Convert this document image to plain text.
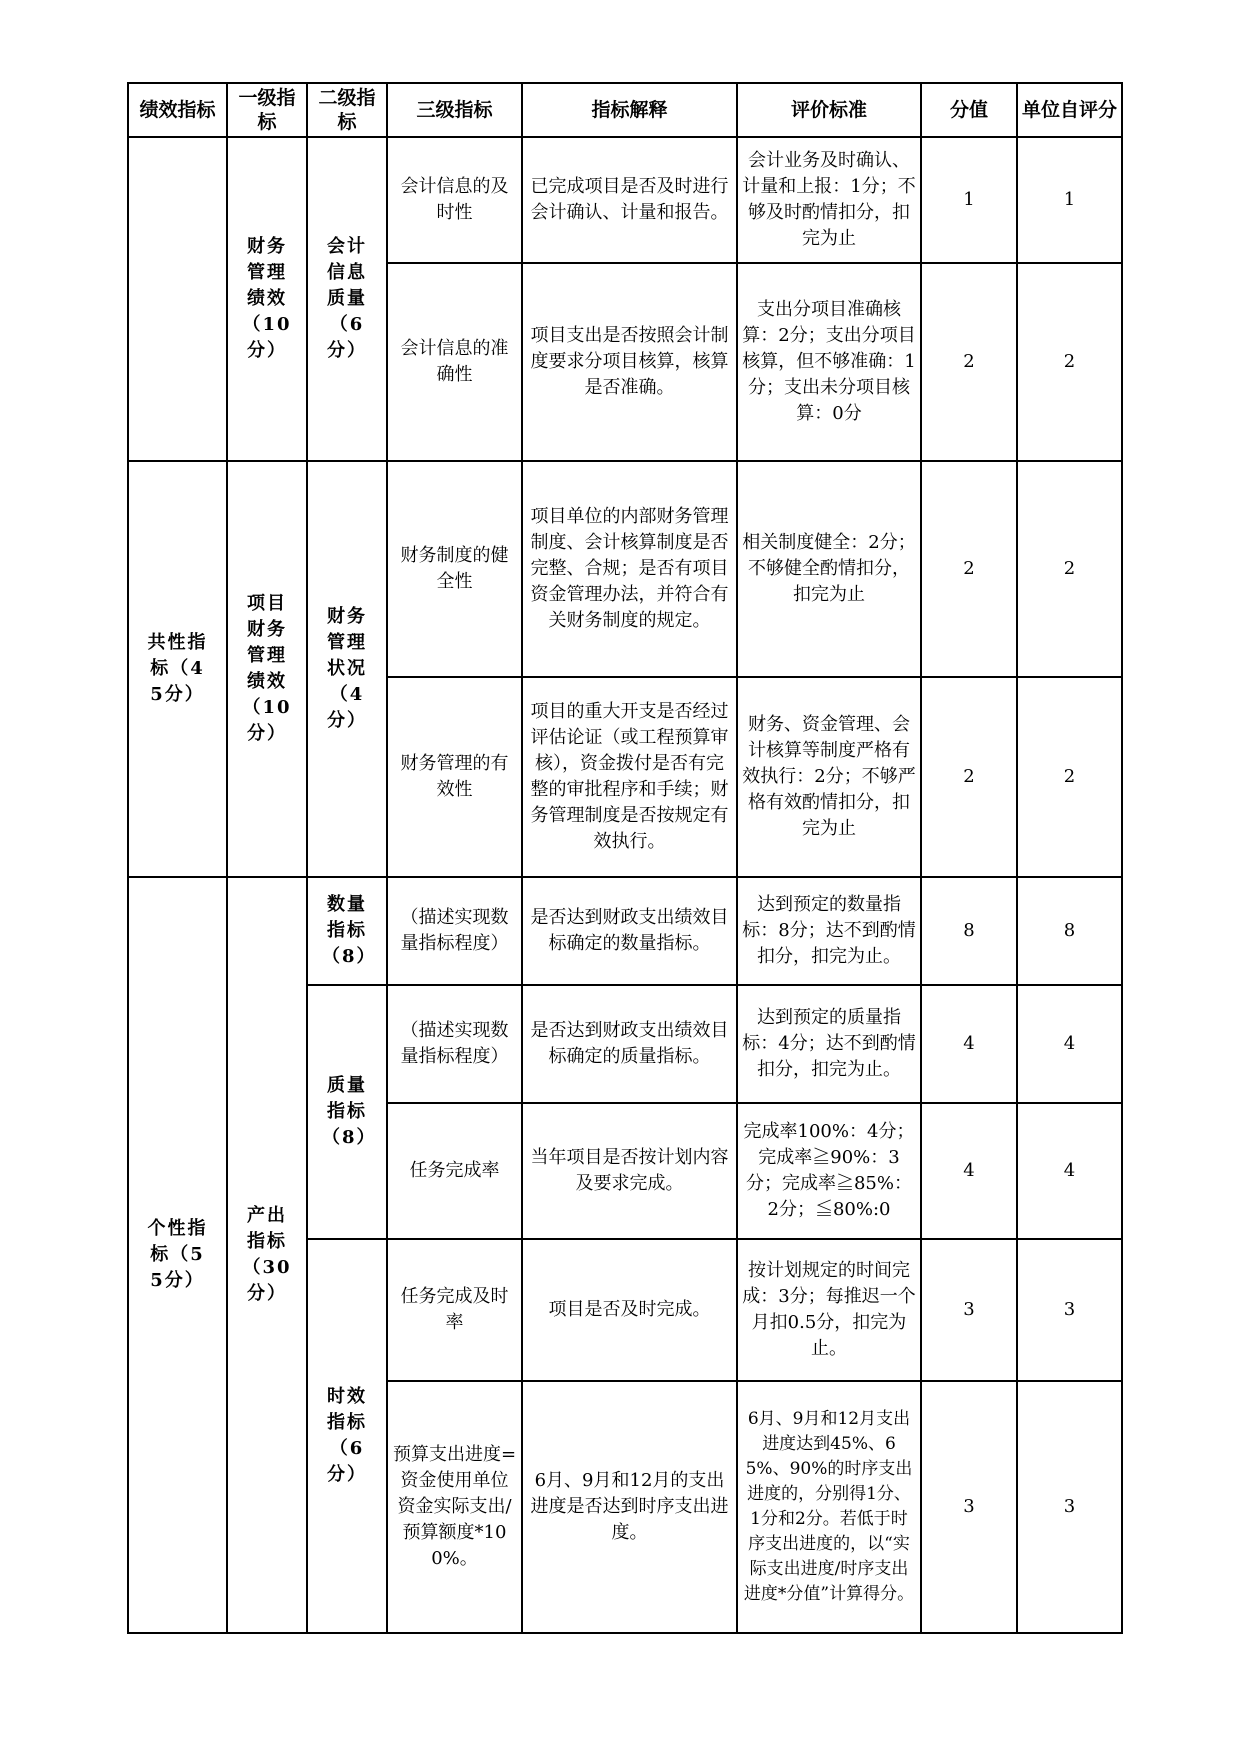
绩效指标	一级指标	二级指标	三级指标	指标解释	评价标准	分值	单位自评分
	财务管理绩效（10分）	会计信息质量（6分）	会计信息的及时性	已完成项目是否及时进行会计确认、计量和报告。	会计业务及时确认、计量和上报：1分；不够及时酌情扣分，扣完为止	1	1
			会计信息的准确性	项目支出是否按照会计制度要求分项目核算，核算是否准确。	支出分项目准确核算：2分；支出分项目核算，但不够准确：1分；支出未分项目核算：0分	2	2
共性指标（45分）	项目财务管理绩效（10分）	财务管理状况（4分）	财务制度的健全性	项目单位的内部财务管理制度、会计核算制度是否完整、合规；是否有项目资金管理办法，并符合有关财务制度的规定。	相关制度健全：2分；不够健全酌情扣分，扣完为止	2	2
			财务管理的有效性	项目的重大开支是否经过评估论证（或工程预算审核），资金拨付是否有完整的审批程序和手续；财务管理制度是否按规定有效执行。	财务、资金管理、会计核算等制度严格有效执行：2分；不够严格有效酌情扣分，扣完为止	2	2
个性指标（55分）	产出指标（30分）	数量指标（8）	（描述实现数量指标程度）	是否达到财政支出绩效目标确定的数量指标。	达到预定的数量指标：8分；达不到酌情扣分，扣完为止。	8	8
		质量指标（8）	（描述实现数量指标程度）	是否达到财政支出绩效目标确定的质量指标。	达到预定的质量指标：4分；达不到酌情扣分，扣完为止。	4	4
			任务完成率	当年项目是否按计划内容及要求完成。	完成率100%：4分；完成率≧90%：3分；完成率≧85%：2分；≦80%:0	4	4
		时效指标（6分）	任务完成及时率	项目是否及时完成。	按计划规定的时间完成：3分；每推迟一个月扣0.5分，扣完为止。	3	3
			预算支出进度=资金使用单位资金实际支出/预算额度*100%。	6月、9月和12月的支出进度是否达到时序支出进度。	6月、9月和12月支出进度达到45%、65%、90%的时序支出进度的，分别得1分、1分和2分。若低于时序支出进度的，以“实际支出进度/时序支出进度*分值”计算得分。	3	3
